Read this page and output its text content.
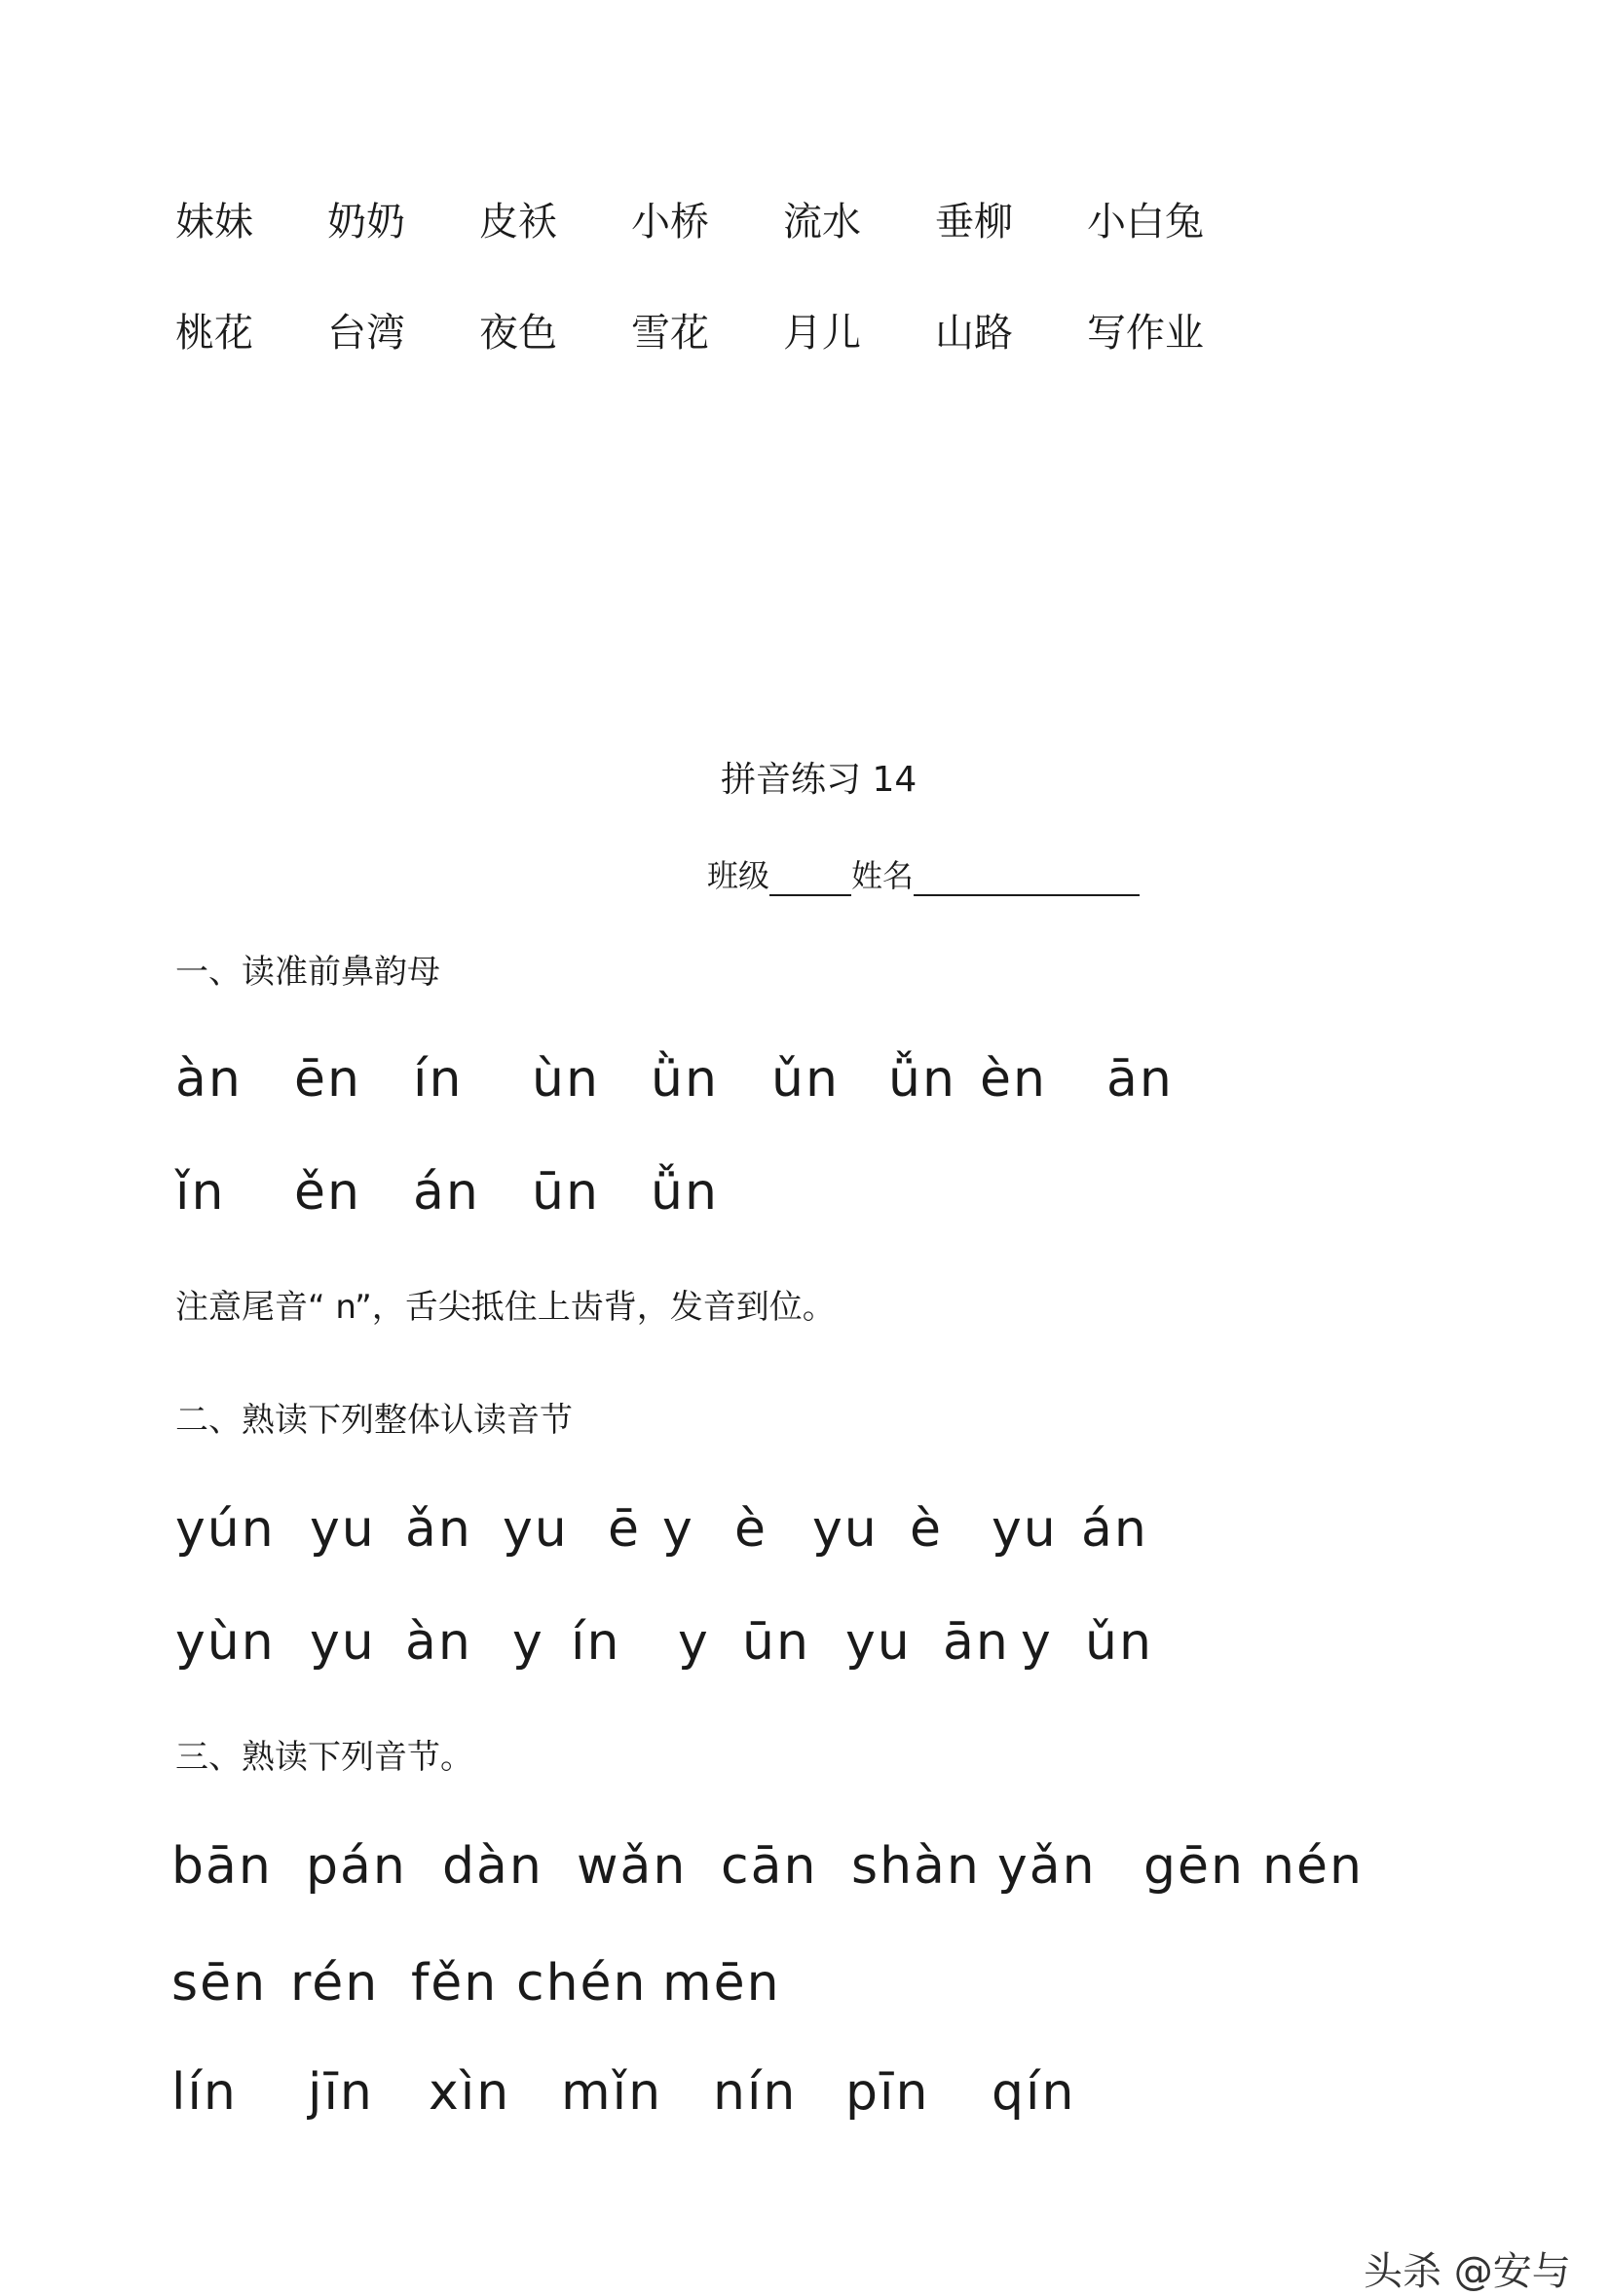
妹妹 奶奶 皮袄 小桥 流水 垂柳 小白兔
桃花 台湾 夜色 雪花 月儿 山路 写作业
拼音练习 14
班级	姓名
一、读准前鼻韵母
àn ēn ín ùn ǜn ǔn ǚn èn ān
ǐn ěn án ūn ǚn
注意尾音“ n”，舌尖抵住上齿背，发音到位。
二、熟读下列整体认读音节
yún yu ǎn yu ē y è yu è yu án
yùn yu àn y ín y ūn yu ān y ǔn
三、熟读下列音节。
bān pán dàn wǎn cān shàn yǎn gēn nén
sēn rén fěn chén mēn
lín jīn xìn mǐn nín pīn qín
头杀 @安与
